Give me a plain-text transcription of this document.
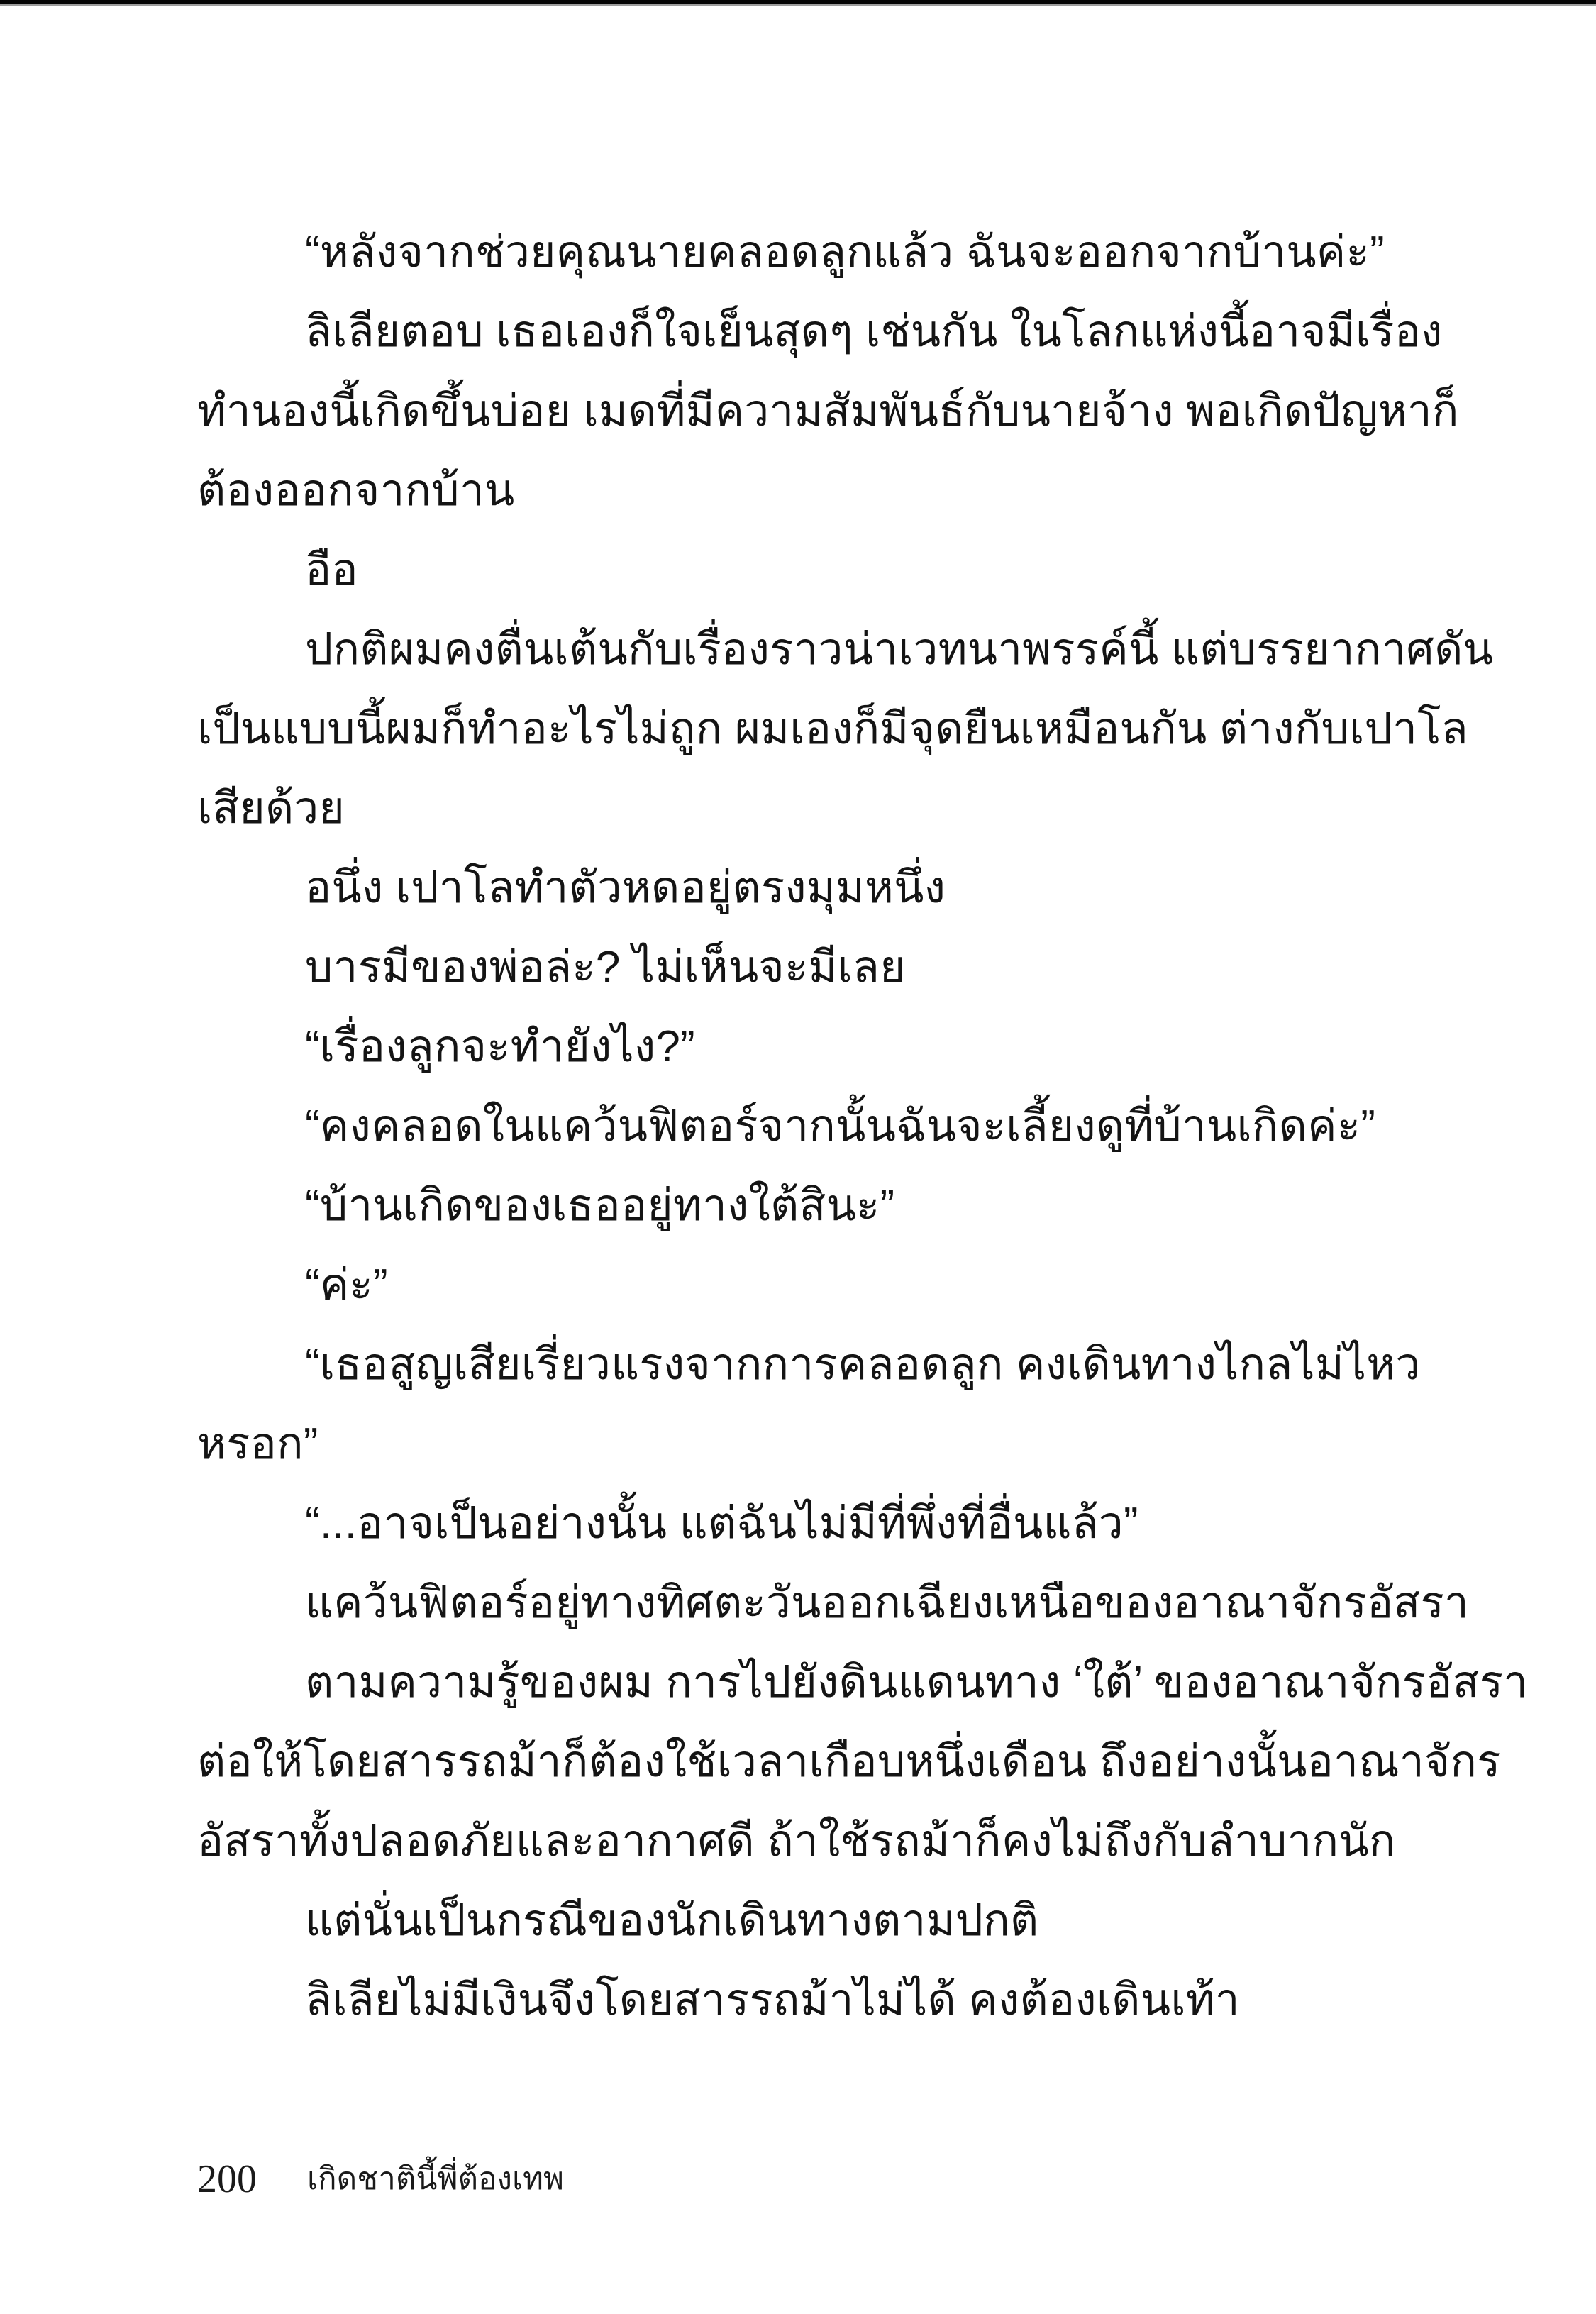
“หลังจากช่วยคุณนายคลอดลูกแล้ว ฉันจะออกจากบ้านค่ะ”
ลิเลียตอบ เธอเองก็ใจเย็นสุดๆ เช่นกัน ในโลกแห่งนี้อาจมีเรื่อง
ทำนองนี้เกิดขึ้นบ่อย เมดที่มีความสัมพันธ์กับนายจ้าง พอเกิดปัญหาก็
ต้องออกจากบ้าน
อือ
ปกติผมคงตื่นเต้นกับเรื่องราวน่าเวทนาพรรค์นี้ แต่บรรยากาศดัน
เป็นแบบนี้ผมก็ทำอะไรไม่ถูก ผมเองก็มีจุดยืนเหมือนกัน ต่างกับเปาโล
เสียด้วย
อนึ่ง เปาโลทำตัวหดอยู่ตรงมุมหนึ่ง
บารมีของพ่อล่ะ? ไม่เห็นจะมีเลย
“เรื่องลูกจะทำยังไง?”
“คงคลอดในแคว้นฟิตอร์จากนั้นฉันจะเลี้ยงดูที่บ้านเกิดค่ะ”
“บ้านเกิดของเธออยู่ทางใต้สินะ”
“ค่ะ”
“เธอสูญเสียเรี่ยวแรงจากการคลอดลูก คงเดินทางไกลไม่ไหว
หรอก”
“...อาจเป็นอย่างนั้น แต่ฉันไม่มีที่พึ่งที่อื่นแล้ว”
แคว้นฟิตอร์อยู่ทางทิศตะวันออกเฉียงเหนือของอาณาจักรอัสรา
ตามความรู้ของผม การไปยังดินแดนทาง ‘ใต้’ ของอาณาจักรอัสรา
ต่อให้โดยสารรถม้าก็ต้องใช้เวลาเกือบหนึ่งเดือน ถึงอย่างนั้นอาณาจักร
อัสราทั้งปลอดภัยและอากาศดี ถ้าใช้รถม้าก็คงไม่ถึงกับลำบากนัก
แต่นั่นเป็นกรณีของนักเดินทางตามปกติ
ลิเลียไม่มีเงินจึงโดยสารรถม้าไม่ได้ คงต้องเดินเท้า
200 เกิดชาตินี้พี่ต้องเทพ
